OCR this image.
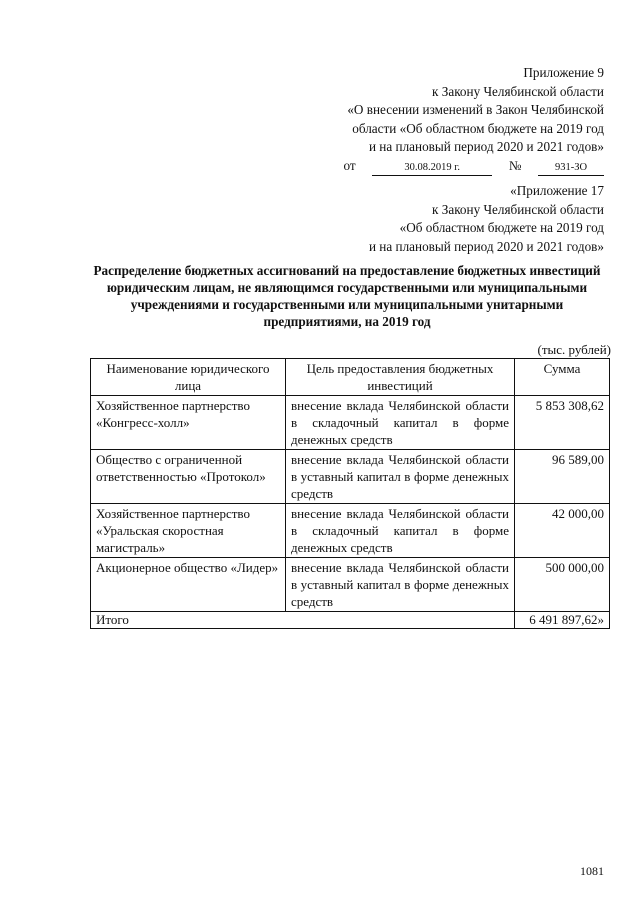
Приложение 9
к Закону Челябинской области
«О внесении изменений в Закон Челябинской
области «Об областном бюджете на 2019 год
и на плановый период 2020 и 2021 годов»
от	30.08.2019 г.	№	931-ЗО
«Приложение 17
к Закону Челябинской области
«Об областном бюджете на 2019 год
и на плановый период 2020 и 2021 годов»
Распределение бюджетных ассигнований на предоставление бюджетных инвестиций юридическим лицам, не являющимся государственными или муниципальными учреждениями и государственными или муниципальными унитарными предприятиями, на 2019 год
(тыс. рублей)
Наименование юридического лица	Цель предоставления бюджетных инвестиций	Сумма
Хозяйственное партнерство «Конгресс-холл»	внесение вклада Челябинской области в складочный капитал в форме денежных средств	5 853 308,62
Общество с ограниченной ответственностью «Протокол»	внесение вклада Челябинской области в уставный капитал в форме денежных средств	96 589,00
Хозяйственное партнерство «Уральская скоростная магистраль»	внесение вклада Челябинской области в складочный капитал в форме денежных средств	42 000,00
Акционерное общество «Лидер»	внесение вклада Челябинской области в уставный капитал в форме денежных средств	500 000,00
Итого		6 491 897,62»
1081
